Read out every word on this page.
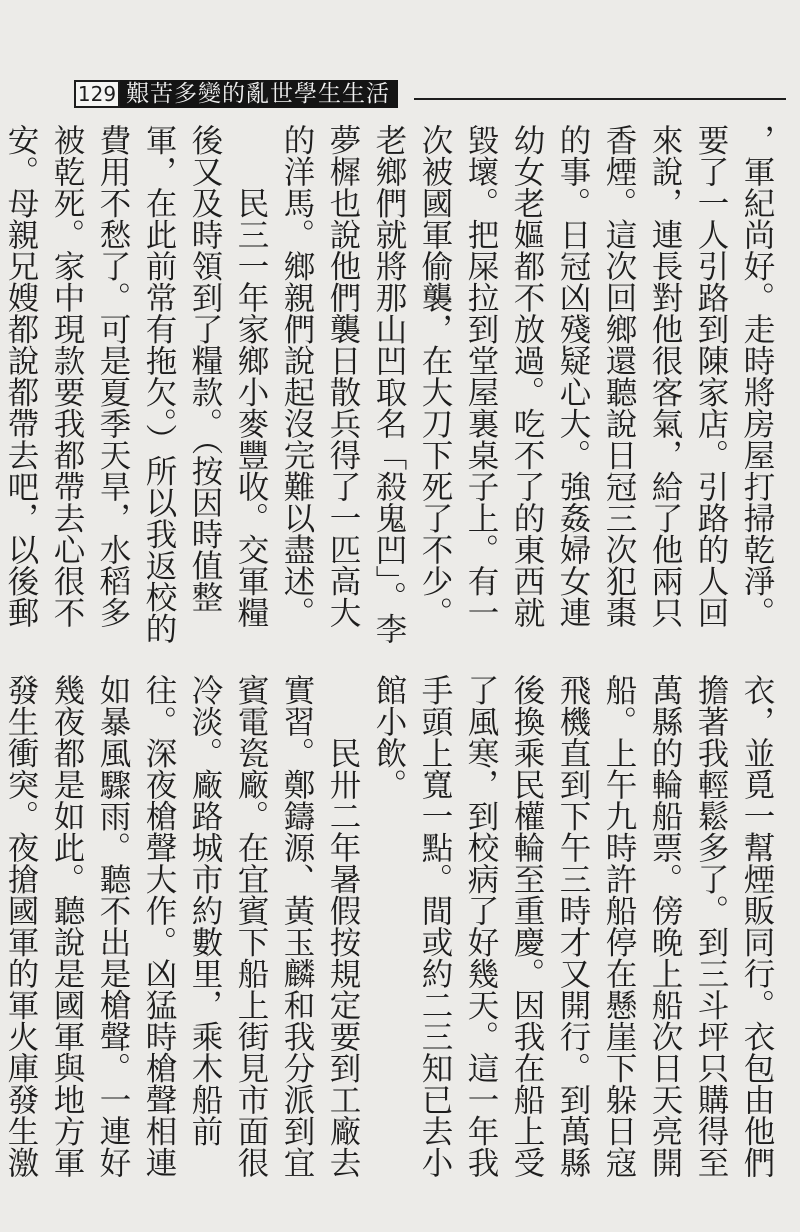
129 艱苦多變的亂世學生生活

，軍紀尚好。走時將房屋打掃乾淨。要了一人引路到陳家店。引路的人回來說，連長對他很客氣，給了他兩只香煙。這次回鄉還聽說日冠三次犯棗的事。日冠凶殘疑心大。強姦婦女連幼女老嫗都不放過。吃不了的東西就毀壞。把屎拉到堂屋裏桌子上。有一次被國軍偷襲，在大刀下死了不少。老鄉們就將那山凹取名「殺鬼凹」。李夢樨也說他們襲日散兵得了一匹高大的洋馬。鄉親們說起沒完難以盡述。

民三一年家鄉小麥豐收。交軍糧後又及時領到了糧款。（按因時值整軍，在此前常有拖欠。）所以我返校的費用不愁了。可是夏季天旱，水稻多被乾死。家中現款要我都帶去心很不安。母親兄嫂都說都帶去吧，以後郵

衣，並覓一幫煙販同行。衣包由他們擔著我輕鬆多了。到三斗坪只購得至萬縣的輪船票。傍晚上船次日天亮開船。上午九時許船停在懸崖下躲日寇飛機直到下午三時才又開行。到萬縣後換乘民權輪至重慶。因我在船上受了風寒，到校病了好幾天。這一年我手頭上寬一點。間或約二三知已去小館小飲。

民卅二年暑假按規定要到工廠去實習。鄭鑄源、黃玉麟和我分派到宜賓電瓷廠。在宜賓下船上街見市面很冷淡。廠路城市約數里，乘木船前往。深夜槍聲大作。凶猛時槍聲相連如暴風驟雨。聽不出是槍聲。一連好幾夜都是如此。聽說是國軍與地方軍發生衝突。夜搶國軍的軍火庫發生激
